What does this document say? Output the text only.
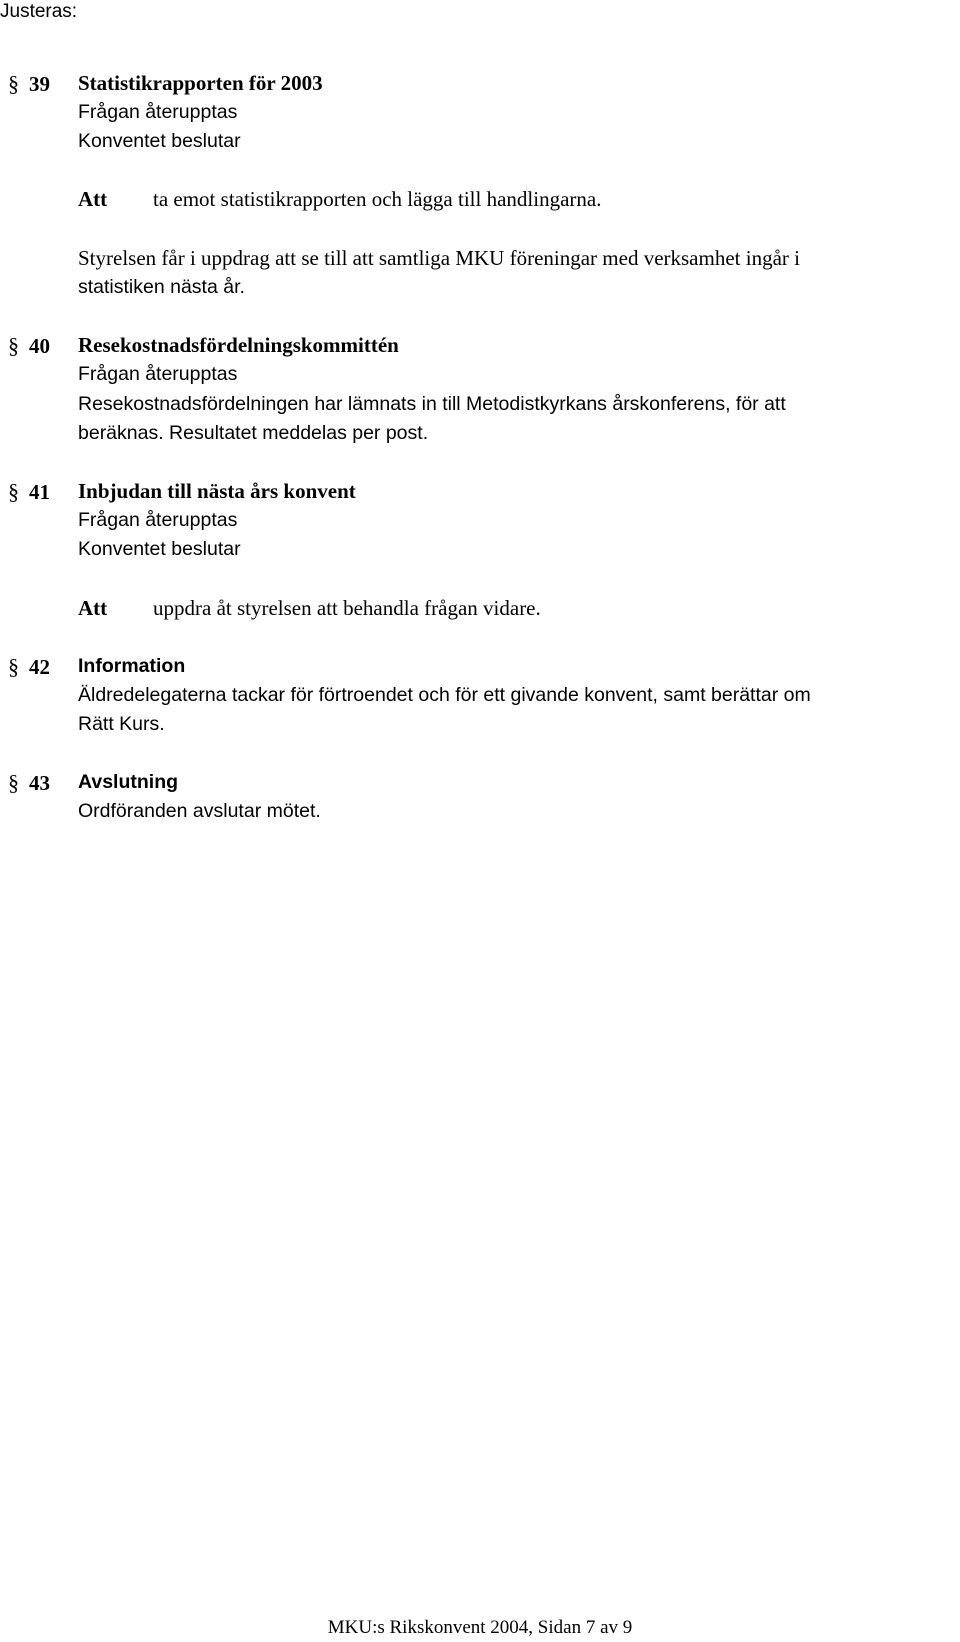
Justeras:
§ 39	Statistikrapporten för 2003
Frågan återupptas
Konventet beslutar
Att ta emot statistikrapporten och lägga till handlingarna.
Styrelsen får i uppdrag att se till att samtliga MKU föreningar med verksamhet ingår i
statistiken nästa år.
§ 40	Resekostnadsfördelningskommittén
Frågan återupptas
Resekostnadsfördelningen har lämnats in till Metodistkyrkans årskonferens, för att
beräknas. Resultatet meddelas per post.
§ 41	Inbjudan till nästa års konvent
Frågan återupptas
Konventet beslutar
Att uppdra åt styrelsen att behandla frågan vidare.
§ 42	Information
Äldredelegaterna tackar för förtroendet och för ett givande konvent, samt berättar om
Rätt Kurs.
§ 43	Avslutning
Ordföranden avslutar mötet.
MKU:s Rikskonvent 2004, Sidan 7 av 9
